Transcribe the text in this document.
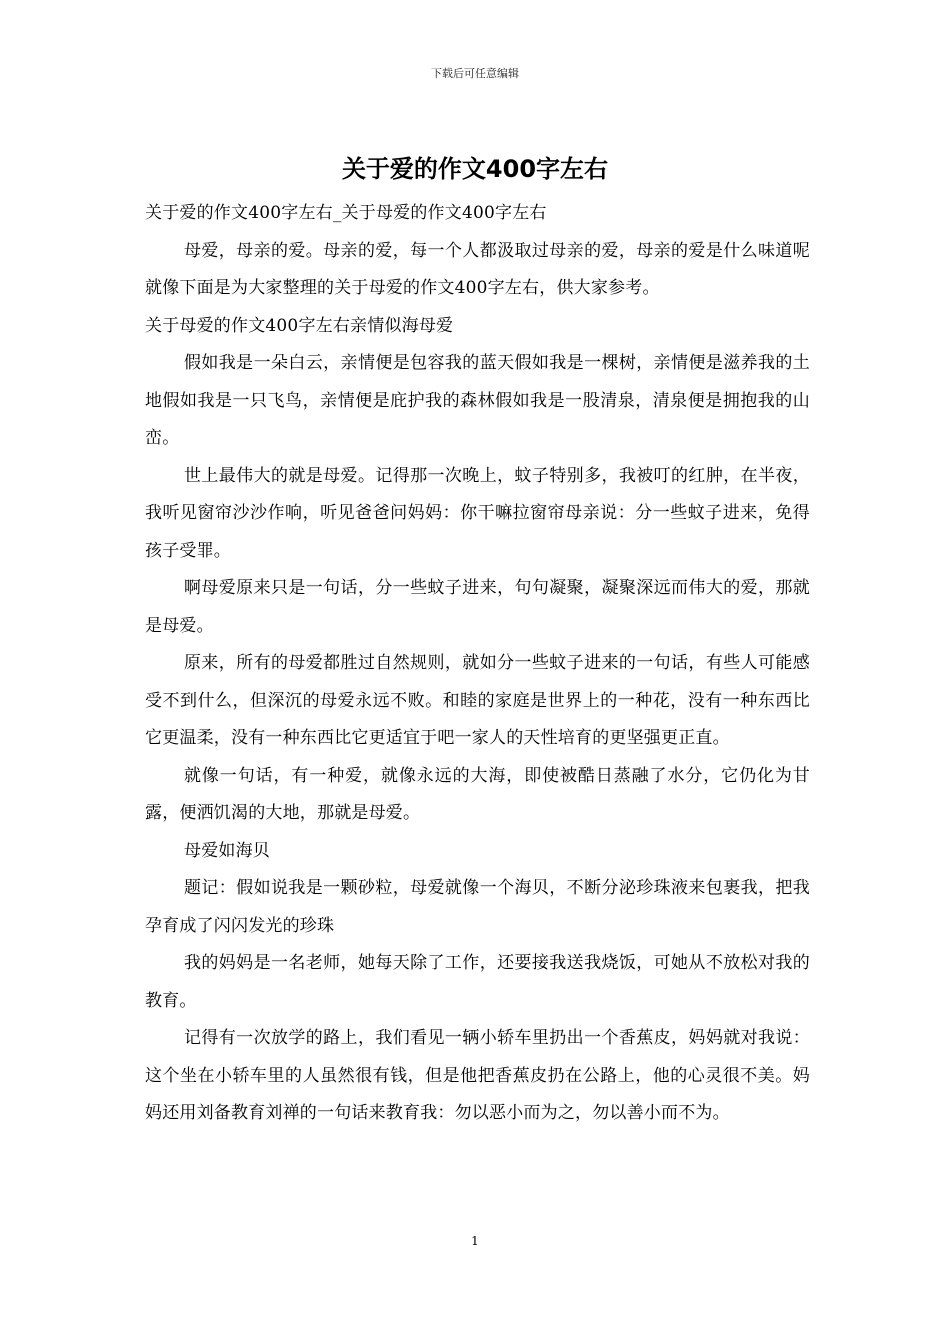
下载后可任意编辑
关于爱的作文400字左右

关于爱的作文400字左右_关于母爱的作文400字左右

母爱，母亲的爱。母亲的爱，每一个人都汲取过母亲的爱，母亲的爱是什么味道呢就像下面是为大家整理的关于母爱的作文400字左右，供大家参考。

关于母爱的作文400字左右亲情似海母爱

假如我是一朵白云，亲情便是包容我的蓝天假如我是一棵树，亲情便是滋养我的土地假如我是一只飞鸟，亲情便是庇护我的森林假如我是一股清泉，清泉便是拥抱我的山峦。

世上最伟大的就是母爱。记得那一次晚上，蚊子特别多，我被叮的红肿，在半夜，我听见窗帘沙沙作响，听见爸爸问妈妈：你干嘛拉窗帘母亲说：分一些蚊子进来，免得孩子受罪。

啊母爱原来只是一句话，分一些蚊子进来，句句凝聚，凝聚深远而伟大的爱，那就是母爱。

原来，所有的母爱都胜过自然规则，就如分一些蚊子进来的一句话，有些人可能感受不到什么，但深沉的母爱永远不败。和睦的家庭是世界上的一种花，没有一种东西比它更温柔，没有一种东西比它更适宜于吧一家人的天性培育的更坚强更正直。

就像一句话，有一种爱，就像永远的大海，即使被酷日蒸融了水分，它仍化为甘露，便洒饥渴的大地，那就是母爱。

母爱如海贝

题记：假如说我是一颗砂粒，母爱就像一个海贝，不断分泌珍珠液来包裹我，把我孕育成了闪闪发光的珍珠

我的妈妈是一名老师，她每天除了工作，还要接我送我烧饭，可她从不放松对我的教育。

记得有一次放学的路上，我们看见一辆小轿车里扔出一个香蕉皮，妈妈就对我说：这个坐在小轿车里的人虽然很有钱，但是他把香蕉皮扔在公路上，他的心灵很不美。妈妈还用刘备教育刘禅的一句话来教育我：勿以恶小而为之，勿以善小而不为。

1
